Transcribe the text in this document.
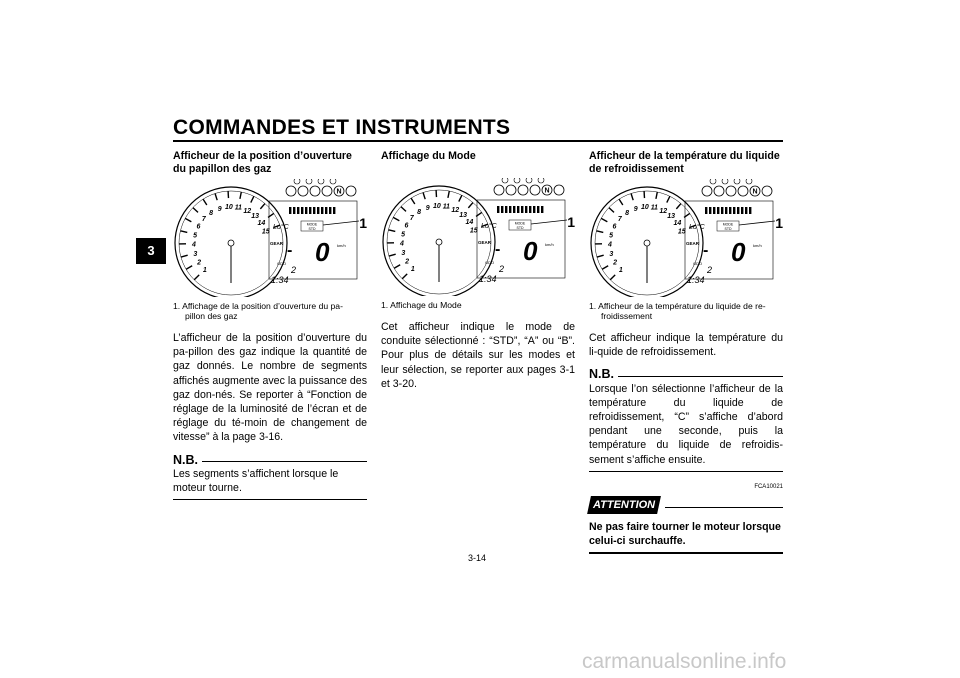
COMMANDES ET INSTRUMENTS
3
Afficheur de la position d’ouverture du papillon des gaz
1
2
3
4
5
6
7
8
9 10 11 12
13
14
15
N
Lo°C	MODE
STD
GEAR - 0 km/h
ODO
2
1:34
1
1. Affichage de la position d’ouverture du pa-
pillon des gaz

L’afficheur de la position d’ouverture du pa-pillon des gaz indique la quantité de gaz donnés. Le nombre de segments affichés augmente avec la puissance des gaz don-nés. Se reporter à “Fonction de réglage de la luminosité de l’écran et de réglage du té-moin de changement de vitesse” à la page 3-16.

N.B.

Les segments s’affichent lorsque le moteur tourne.

Affichage du Mode
1
2
3
4
5
6
7
8
9 10 11 12
13
14
15
N
Lo°C	MODE
STD
GEAR - 0 km/h
ODO
2
1:34
1
1. Affichage du Mode

Cet afficheur indique le mode de conduite sélectionné : “STD”, “A” ou “B”. Pour plus de détails sur les modes et leur sélection, se reporter aux pages 3-1 et 3-20.

Afficheur de la température du liquide de refroidissement
1
2
3
4
5
6
7
8
9 10 11 12
13
14
15
N
Lo°C	MODE
STD
GEAR - 0 km/h
ODO
2
1:34
1
1. Afficheur de la température du liquide de re-
froidissement

Cet afficheur indique la température du li-quide de refroidissement.

N.B.

Lorsque l’on sélectionne l’afficheur de la température du liquide de refroidissement, “C” s’affiche d’abord pendant une seconde, puis la température du liquide de refroidis-sement s’affiche ensuite.

FCA10021
ATTENTION

Ne pas faire tourner le moteur lorsque celui-ci surchauffe.

3-14
carmanualsonline.info
